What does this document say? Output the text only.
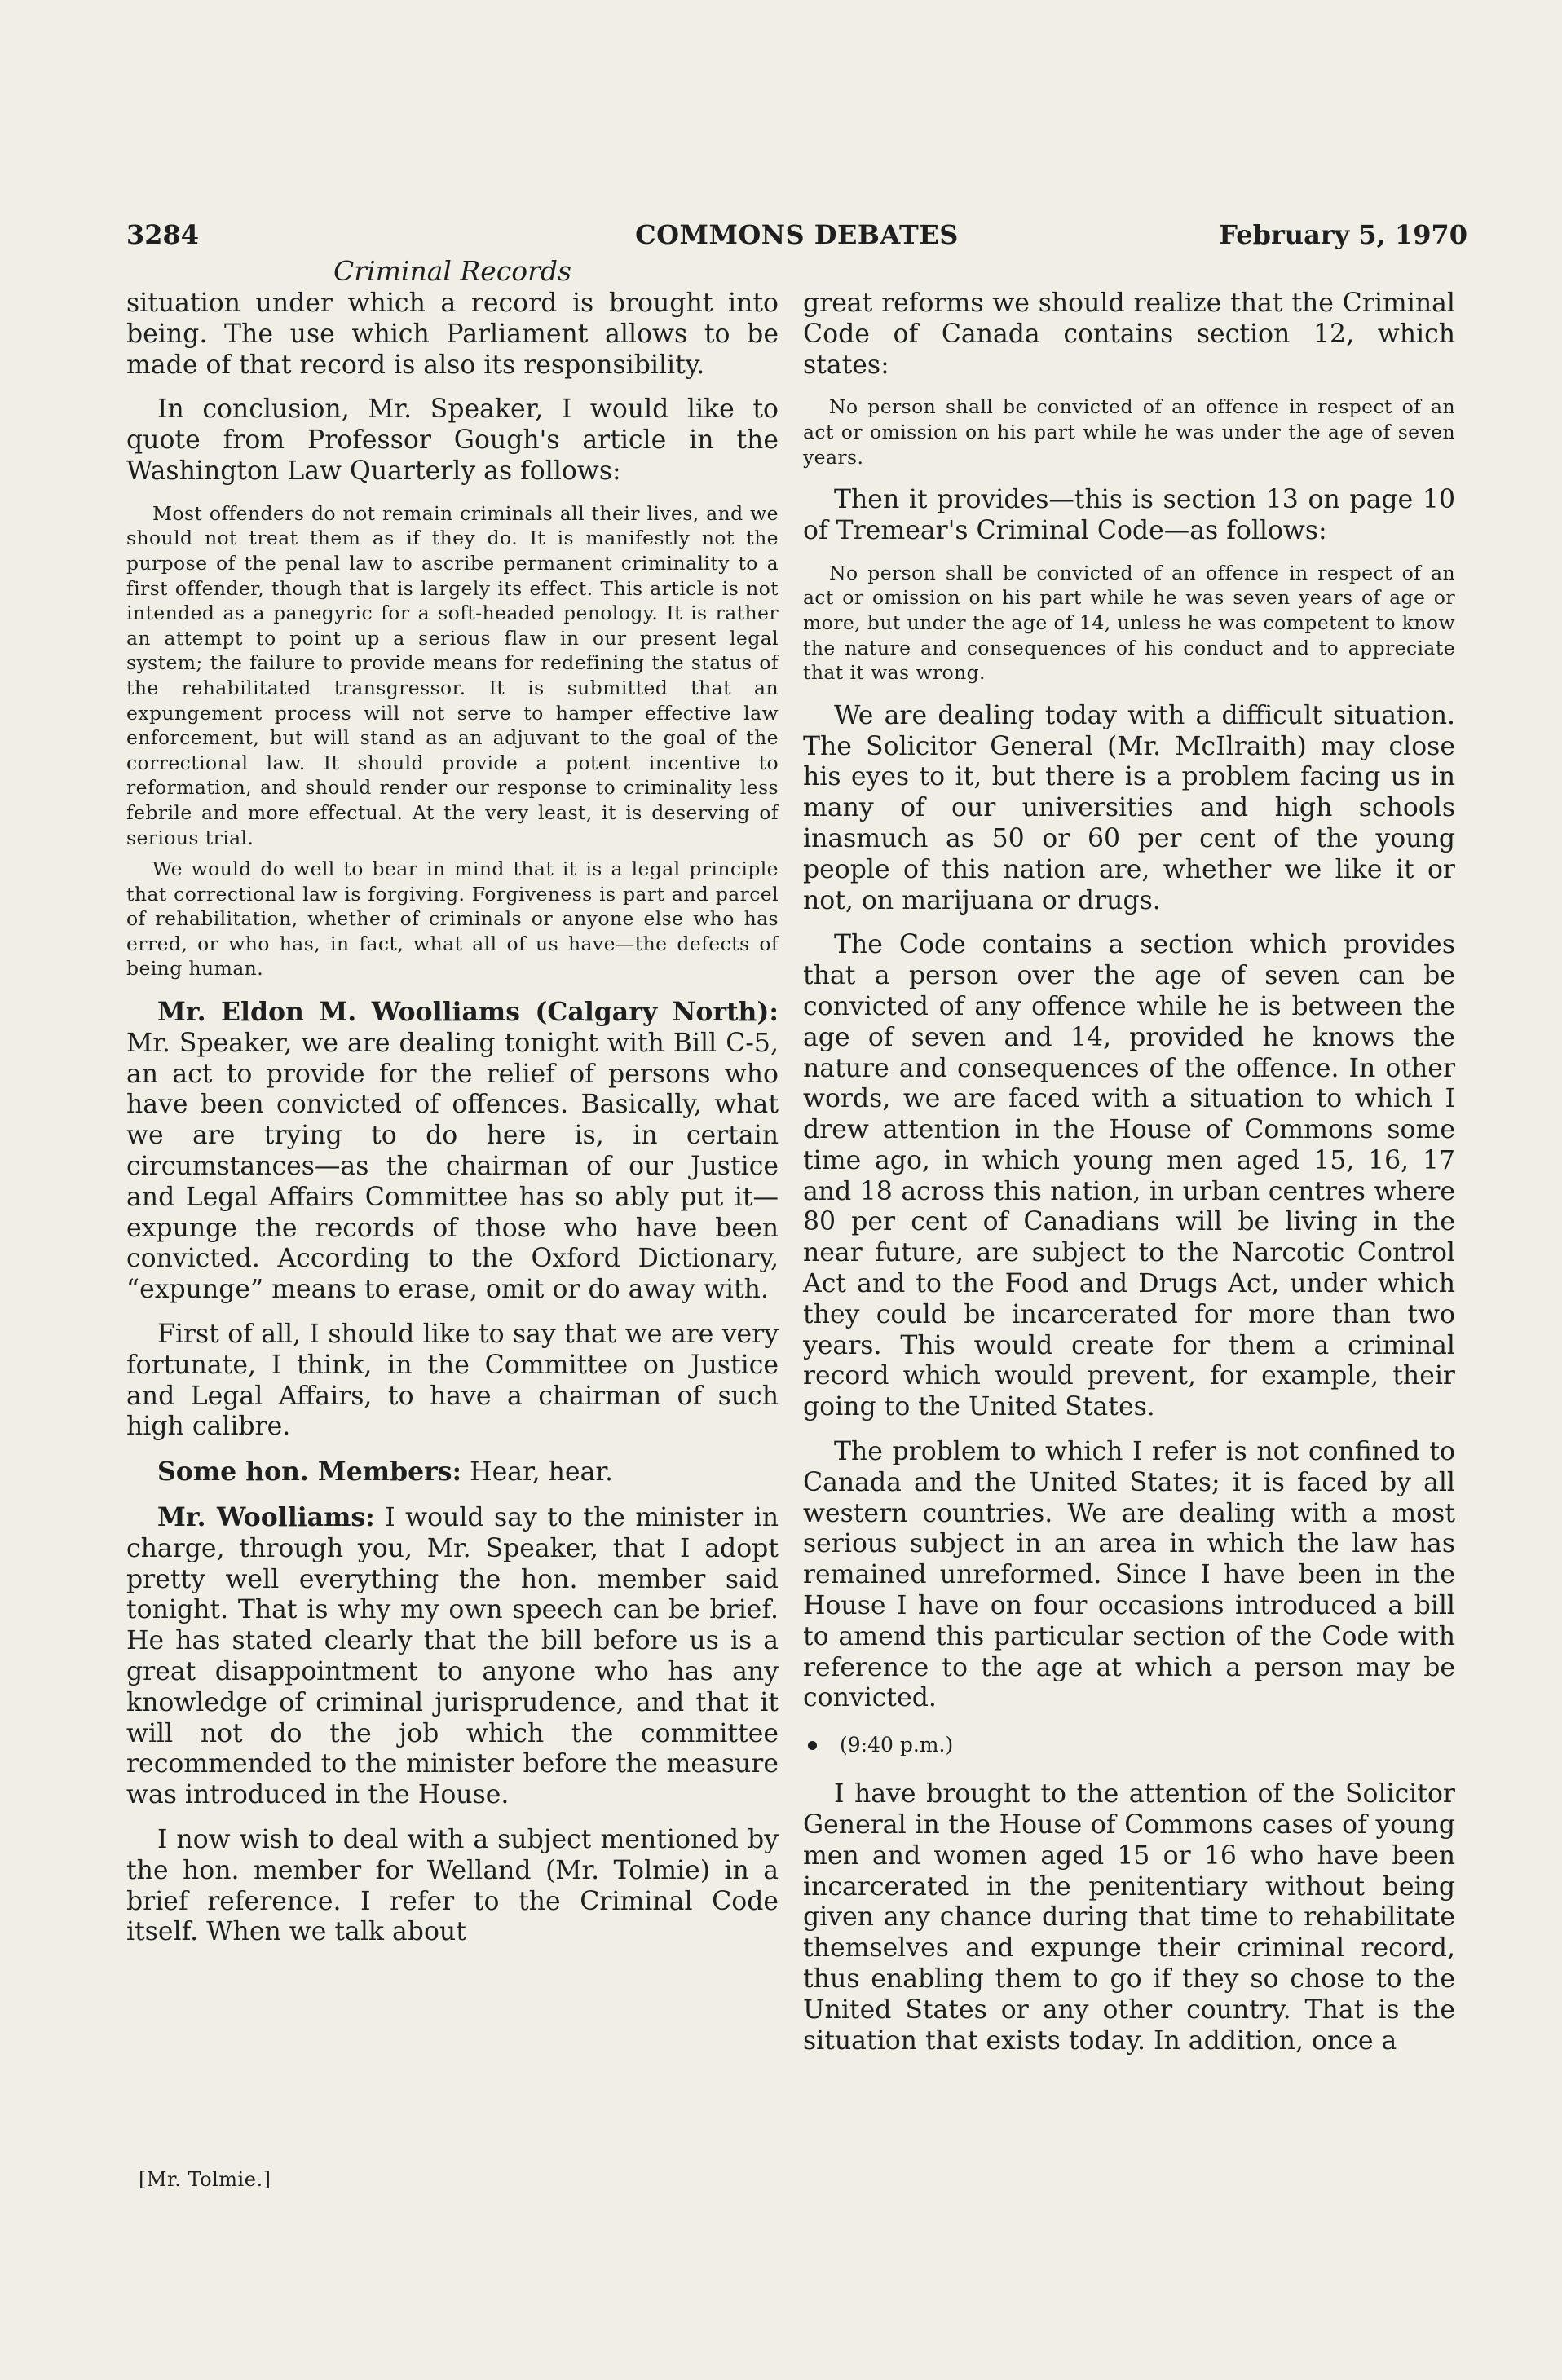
3284	COMMONS DEBATES	February 5, 1970
Criminal Records

situation under which a record is brought into being. The use which Parliament allows to be made of that record is also its responsibility.

In conclusion, Mr. Speaker, I would like to quote from Professor Gough's article in the Washington Law Quarterly as follows:

Most offenders do not remain criminals all their lives, and we should not treat them as if they do. It is manifestly not the purpose of the penal law to ascribe permanent criminality to a first offender, though that is largely its effect. This article is not intended as a panegyric for a soft-headed penology. It is rather an attempt to point up a serious flaw in our present legal system; the failure to provide means for redefining the status of the rehabilitated transgressor. It is submitted that an expungement process will not serve to hamper effective law enforcement, but will stand as an adjuvant to the goal of the correctional law. It should provide a potent incentive to reformation, and should render our response to criminality less febrile and more effectual. At the very least, it is deserving of serious trial.

We would do well to bear in mind that it is a legal principle that correctional law is forgiving. Forgiveness is part and parcel of rehabilitation, whether of criminals or anyone else who has erred, or who has, in fact, what all of us have—the defects of being human.

Mr. Eldon M. Woolliams (Calgary North): Mr. Speaker, we are dealing tonight with Bill C-5, an act to provide for the relief of persons who have been convicted of offences. Basically, what we are trying to do here is, in certain circumstances—as the chairman of our Justice and Legal Affairs Committee has so ably put it—expunge the records of those who have been convicted. According to the Oxford Dictionary, “expunge” means to erase, omit or do away with.

First of all, I should like to say that we are very fortunate, I think, in the Committee on Justice and Legal Affairs, to have a chairman of such high calibre.

Some hon. Members: Hear, hear.

Mr. Woolliams: I would say to the minister in charge, through you, Mr. Speaker, that I adopt pretty well everything the hon. member said tonight. That is why my own speech can be brief. He has stated clearly that the bill before us is a great disappointment to anyone who has any knowledge of criminal jurisprudence, and that it will not do the job which the committee recommended to the minister before the measure was introduced in the House.

I now wish to deal with a subject mentioned by the hon. member for Welland (Mr. Tolmie) in a brief reference. I refer to the Criminal Code itself. When we talk about

great reforms we should realize that the Criminal Code of Canada contains section 12, which states:

No person shall be convicted of an offence in respect of an act or omission on his part while he was under the age of seven years.

Then it provides—this is section 13 on page 10 of Tremear's Criminal Code—as follows:

No person shall be convicted of an offence in respect of an act or omission on his part while he was seven years of age or more, but under the age of 14, unless he was competent to know the nature and consequences of his conduct and to appreciate that it was wrong.

We are dealing today with a difficult situation. The Solicitor General (Mr. McIlraith) may close his eyes to it, but there is a problem facing us in many of our universities and high schools inasmuch as 50 or 60 per cent of the young people of this nation are, whether we like it or not, on marijuana or drugs.

The Code contains a section which provides that a person over the age of seven can be convicted of any offence while he is between the age of seven and 14, provided he knows the nature and consequences of the offence. In other words, we are faced with a situation to which I drew attention in the House of Commons some time ago, in which young men aged 15, 16, 17 and 18 across this nation, in urban centres where 80 per cent of Canadians will be living in the near future, are subject to the Narcotic Control Act and to the Food and Drugs Act, under which they could be incarcerated for more than two years. This would create for them a criminal record which would prevent, for example, their going to the United States.

The problem to which I refer is not confined to Canada and the United States; it is faced by all western countries. We are dealing with a most serious subject in an area in which the law has remained unreformed. Since I have been in the House I have on four occasions introduced a bill to amend this particular section of the Code with reference to the age at which a person may be convicted.

(9:40 p.m.)

I have brought to the attention of the Solicitor General in the House of Commons cases of young men and women aged 15 or 16 who have been incarcerated in the penitentiary without being given any chance during that time to rehabilitate themselves and expunge their criminal record, thus enabling them to go if they so chose to the United States or any other country. That is the situation that exists today. In addition, once a

[Mr. Tolmie.]
